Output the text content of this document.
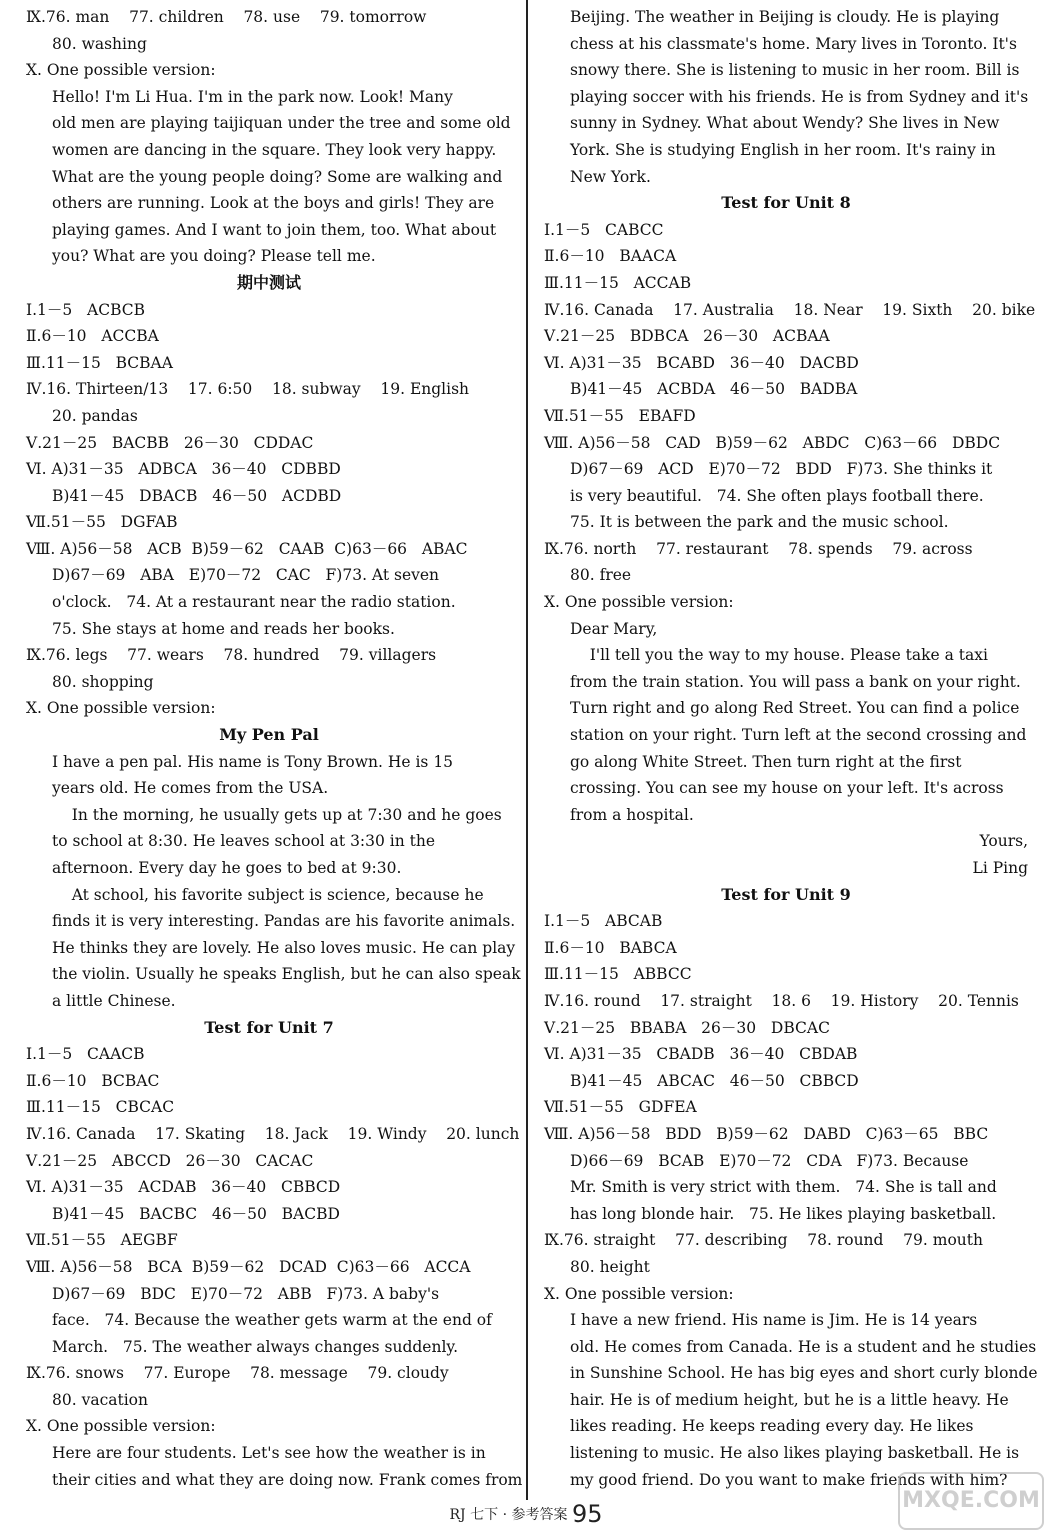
Ⅸ.76. man    77. children    78. use    79. tomorrow
80. washing
Ⅹ. One possible version:
Hello! I'm Li Hua. I'm in the park now. Look! Many
old men are playing taijiquan under the tree and some old
women are dancing in the square. They look very happy.
What are the young people doing? Some are walking and
others are running. Look at the boys and girls! They are
playing games. And I want to join them, too. What about
you? What are you doing? Please tell me.
期中测试
Ⅰ.1－5   ACBCB
Ⅱ.6－10   ACCBA
Ⅲ.11－15   BCBAA
Ⅳ.16. Thirteen/13    17. 6:50    18. subway    19. English
20. pandas
Ⅴ.21－25   BACBB   26－30   CDDAC
Ⅵ. A)31－35   ADBCA   36－40   CDBBD
B)41－45   DBACB   46－50   ACDBD
Ⅶ.51－55   DGFAB
Ⅷ. A)56－58   ACB  B)59－62   CAAB  C)63－66   ABAC
D)67－69   ABA   E)70－72   CAC   F)73. At seven
o'clock.   74. At a restaurant near the radio station.
75. She stays at home and reads her books.
Ⅸ.76. legs    77. wears    78. hundred    79. villagers
80. shopping
Ⅹ. One possible version:
My Pen Pal
I have a pen pal. His name is Tony Brown. He is 15
years old. He comes from the USA.
In the morning, he usually gets up at 7:30 and he goes
to school at 8:30. He leaves school at 3:30 in the
afternoon. Every day he goes to bed at 9:30.
At school, his favorite subject is science, because he
finds it is very interesting. Pandas are his favorite animals.
He thinks they are lovely. He also loves music. He can play
the violin. Usually he speaks English, but he can also speak
a little Chinese.
Test for Unit 7
Ⅰ.1－5   CAACB
Ⅱ.6－10   BCBAC
Ⅲ.11－15   CBCAC
Ⅳ.16. Canada    17. Skating    18. Jack    19. Windy    20. lunch
Ⅴ.21－25   ABCCD   26－30   CACAC
Ⅵ. A)31－35   ACDAB   36－40   CBBCD
B)41－45   BACBC   46－50   BACBD
Ⅶ.51－55   AEGBF
Ⅷ. A)56－58   BCA  B)59－62   DCAD  C)63－66   ACCA
D)67－69   BDC   E)70－72   ABB   F)73. A baby's
face.   74. Because the weather gets warm at the end of
March.   75. The weather always changes suddenly.
Ⅸ.76. snows    77. Europe    78. message    79. cloudy
80. vacation
Ⅹ. One possible version:
Here are four students. Let's see how the weather is in
their cities and what they are doing now. Frank comes from
Beijing. The weather in Beijing is cloudy. He is playing
chess at his classmate's home. Mary lives in Toronto. It's
snowy there. She is listening to music in her room. Bill is
playing soccer with his friends. He is from Sydney and it's
sunny in Sydney. What about Wendy? She lives in New
York. She is studying English in her room. It's rainy in
New York.
Test for Unit 8
Ⅰ.1－5   CABCC
Ⅱ.6－10   BAACA
Ⅲ.11－15   ACCAB
Ⅳ.16. Canada    17. Australia    18. Near    19. Sixth    20. bike
Ⅴ.21－25   BDBCA   26－30   ACBAA
Ⅵ. A)31－35   BCABD   36－40   DACBD
B)41－45   ACBDA   46－50   BADBA
Ⅶ.51－55   EBAFD
Ⅷ. A)56－58   CAD   B)59－62   ABDC   C)63－66   DBDC
D)67－69   ACD   E)70－72   BDD   F)73. She thinks it
is very beautiful.   74. She often plays football there.
75. It is between the park and the music school.
Ⅸ.76. north    77. restaurant    78. spends    79. across
80. free
Ⅹ. One possible version:
Dear Mary,
I'll tell you the way to my house. Please take a taxi
from the train station. You will pass a bank on your right.
Turn right and go along Red Street. You can find a police
station on your right. Turn left at the second crossing and
go along White Street. Then turn right at the first
crossing. You can see my house on your left. It's across
from a hospital.
Yours,
Li Ping
Test for Unit 9
Ⅰ.1－5   ABCAB
Ⅱ.6－10   BABCA
Ⅲ.11－15   ABBCC
Ⅳ.16. round    17. straight    18. 6    19. History    20. Tennis
Ⅴ.21－25   BBABA   26－30   DBCAC
Ⅵ. A)31－35   CBADB   36－40   CBDAB
B)41－45   ABCAC   46－50   CBBCD
Ⅶ.51－55   GDFEA
Ⅷ. A)56－58   BDD   B)59－62   DABD   C)63－65   BBC
D)66－69   BCAB   E)70－72   CDA   F)73. Because
Mr. Smith is very strict with them.   74. She is tall and
has long blonde hair.   75. He likes playing basketball.
Ⅸ.76. straight    77. describing    78. round    79. mouth
80. height
Ⅹ. One possible version:
I have a new friend. His name is Jim. He is 14 years
old. He comes from Canada. He is a student and he studies
in Sunshine School. He has big eyes and short curly blonde
hair. He is of medium height, but he is a little heavy. He
likes reading. He keeps reading every day. He likes
listening to music. He also likes playing basketball. He is
my good friend. Do you want to make friends with him?
RJ 七下 · 参考答案 95	MXQE.COM
